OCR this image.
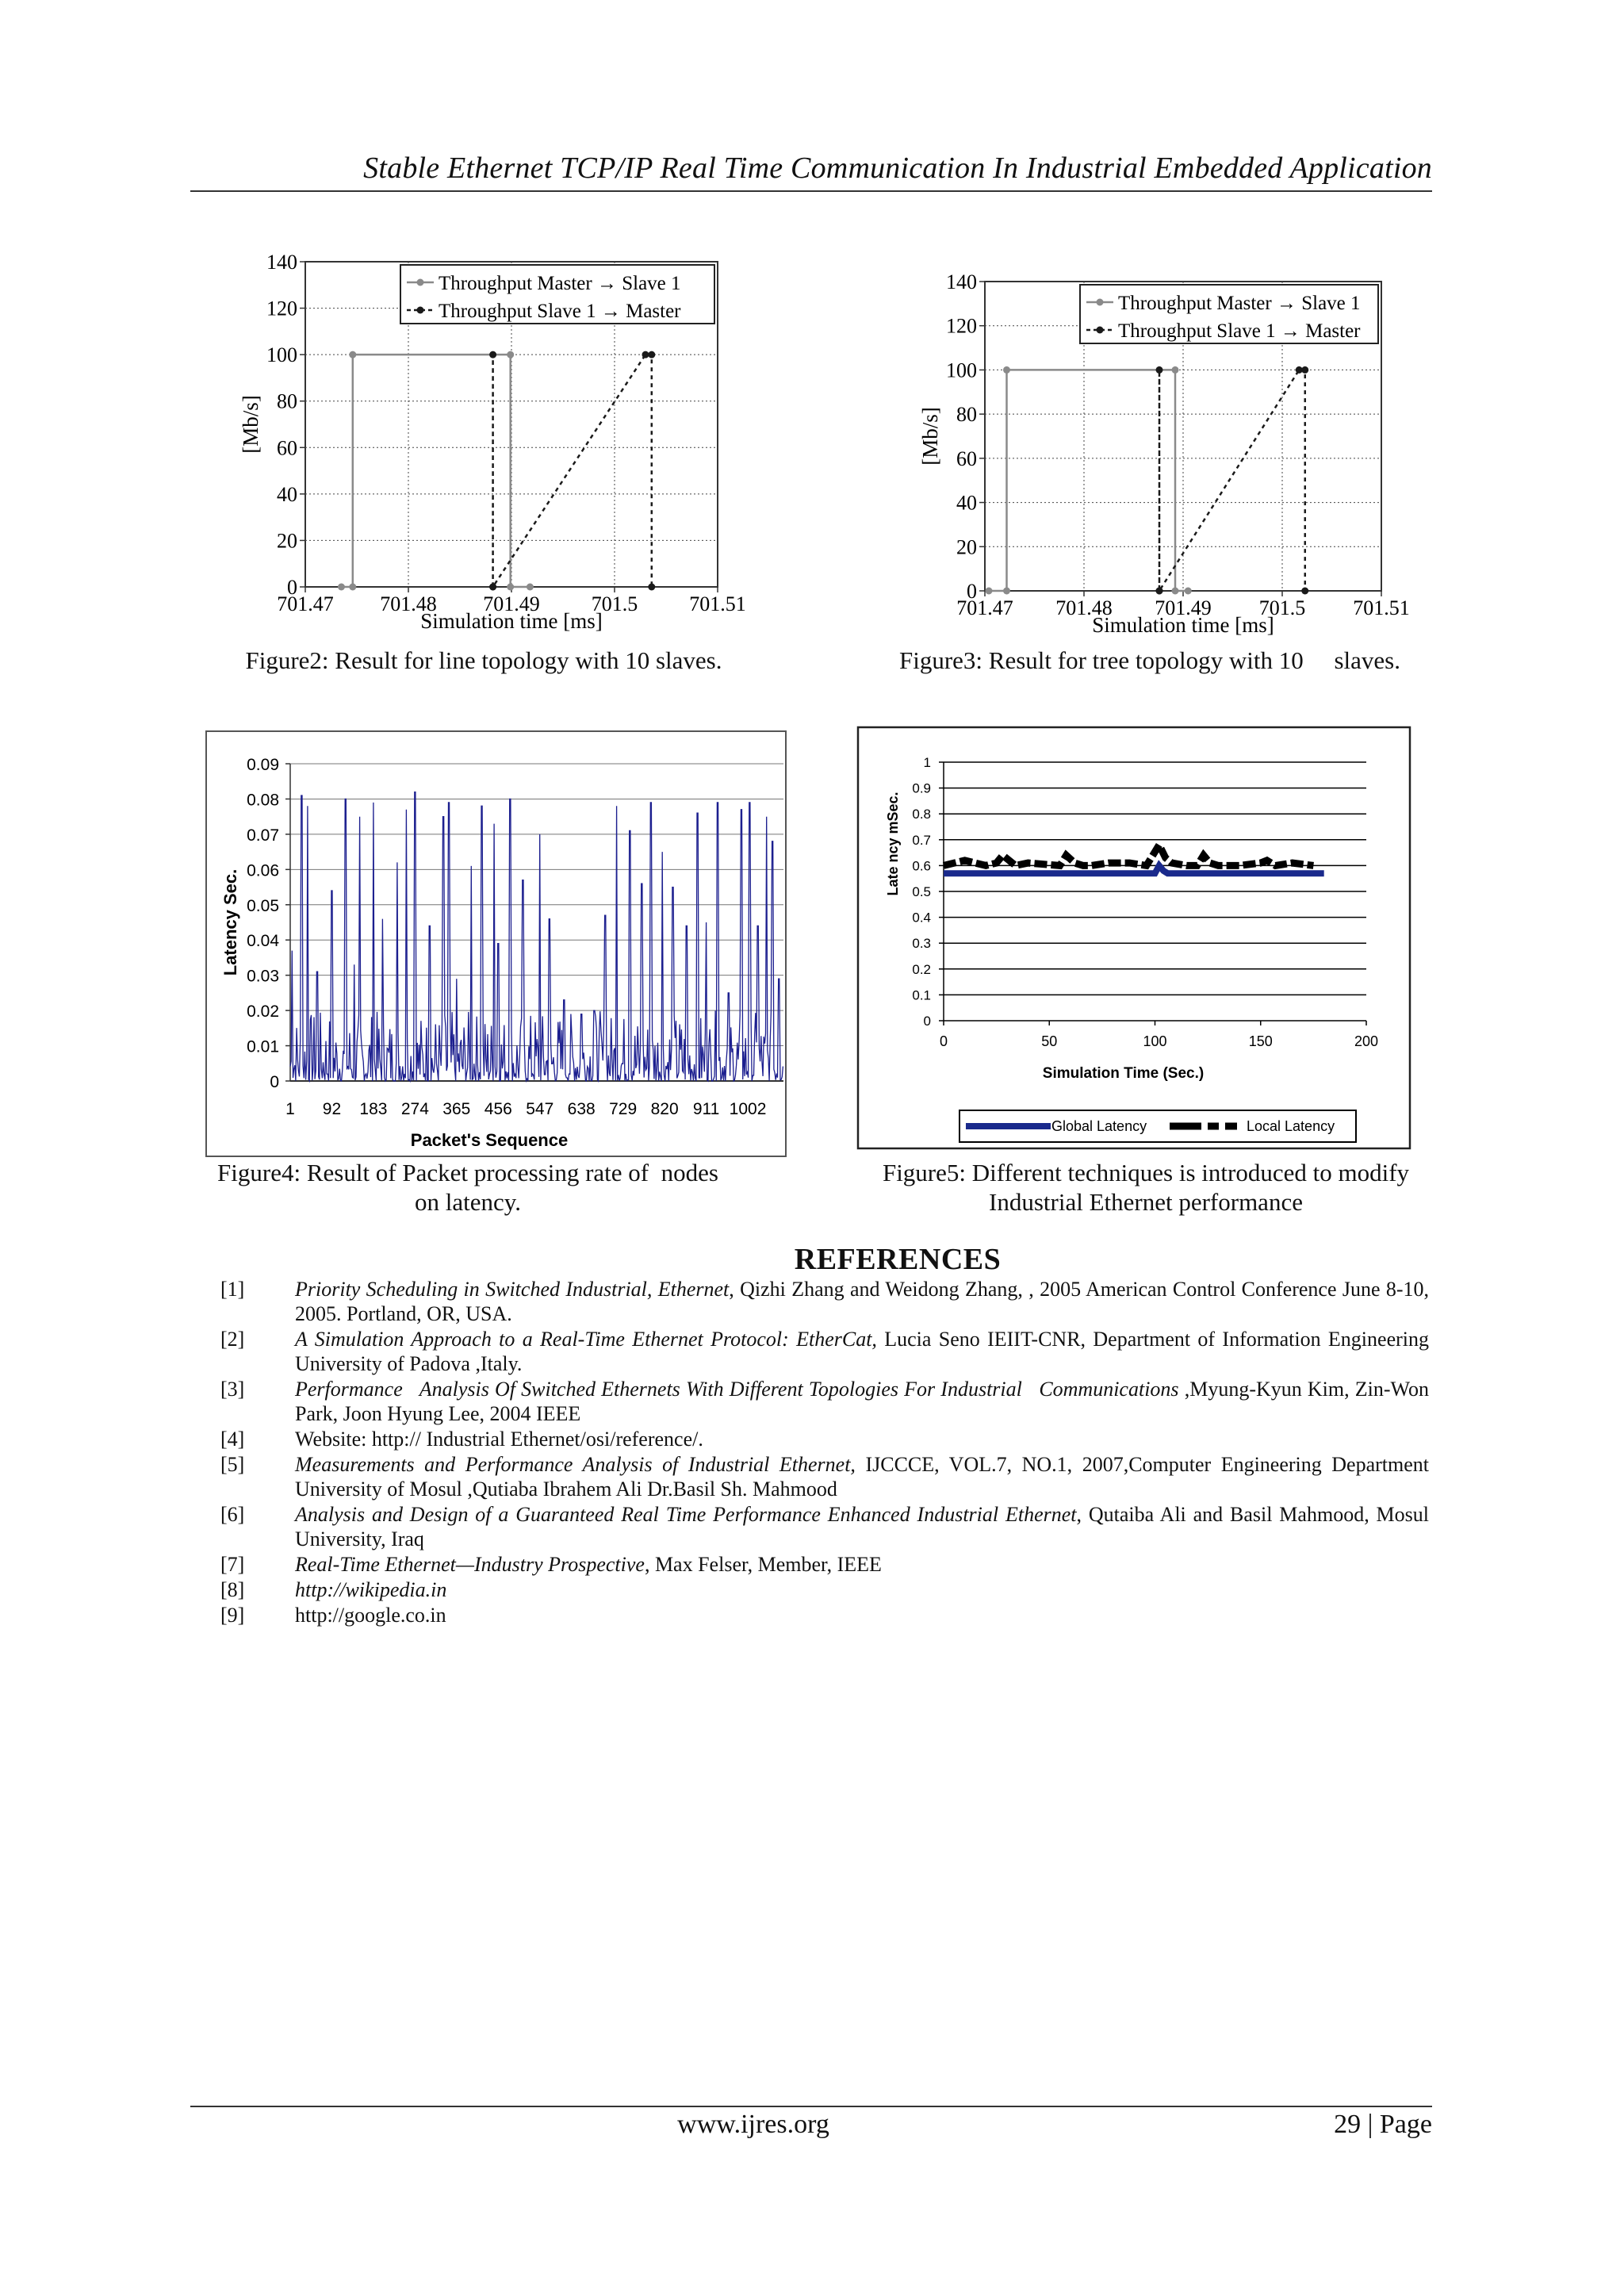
Stable Ethernet TCP/IP Real Time Communication In Industrial Embedded Application
0
20
40
60
80
100
120
140
701.47 701.48 701.49	701.5	701.51
Simulation time [ms]
[Mb/s]
Throughput Master → Slave 1
Throughput Slave 1 → Master
Figure2: Result for line topology with 10 slaves.
0
20
40
60
80
100
120
140
701.47 701.48 701.49 701.5 701.51
Simulation time [ms]
[Mb/s]
Throughput Master → Slave 1
Throughput Slave 1 → Master
Figure3: Result for tree topology with 10     slaves.
0
0.01
0.02
0.03
0.04
0.05
0.06
0.07
0.08
0.09
1 92 183 274 365 456 547 638 729 820 911 1002
Packet's Sequence
Latency Sec.
Figure4: Result of Packet processing rate of  nodes
on latency.
0
0.1
0.2
0.3
0.4
0.5
0.6
0.7
0.8
0.9
1
0	50	100	150	200
Simulation Time (Sec.)
Late ncy mSec.
Global Latency	Local Latency
Figure5: Different techniques is introduced to modify
Industrial Ethernet performance
REFERENCES
[1]	Priority Scheduling in Switched Industrial, Ethernet, Qizhi Zhang and Weidong Zhang, , 2005 American Control Conference June 8-10, 2005. Portland, OR, USA.
[2]	A Simulation Approach to a Real-Time Ethernet Protocol: EtherCat, Lucia Seno IEIIT-CNR, Department of Information Engineering University of Padova ,Italy.
[3]	Performance   Analysis Of Switched Ethernets With Different Topologies For Industrial   Communications ,Myung-Kyun Kim, Zin-Won Park, Joon Hyung Lee, 2004 IEEE
[4]	Website: http:// Industrial Ethernet/osi/reference/.
[5]	Measurements and Performance Analysis of Industrial Ethernet, IJCCCE, VOL.7, NO.1, 2007,Computer Engineering Department University of Mosul ,Qutiaba Ibrahem Ali Dr.Basil Sh. Mahmood
[6]	Analysis and Design of a Guaranteed Real Time Performance Enhanced Industrial Ethernet, Qutaiba Ali and Basil Mahmood, Mosul University, Iraq
[7]	Real-Time Ethernet—Industry Prospective, Max Felser, Member, IEEE
[8]	http://wikipedia.in
[9]	http://google.co.in
www.ijres.org	29 | Page
